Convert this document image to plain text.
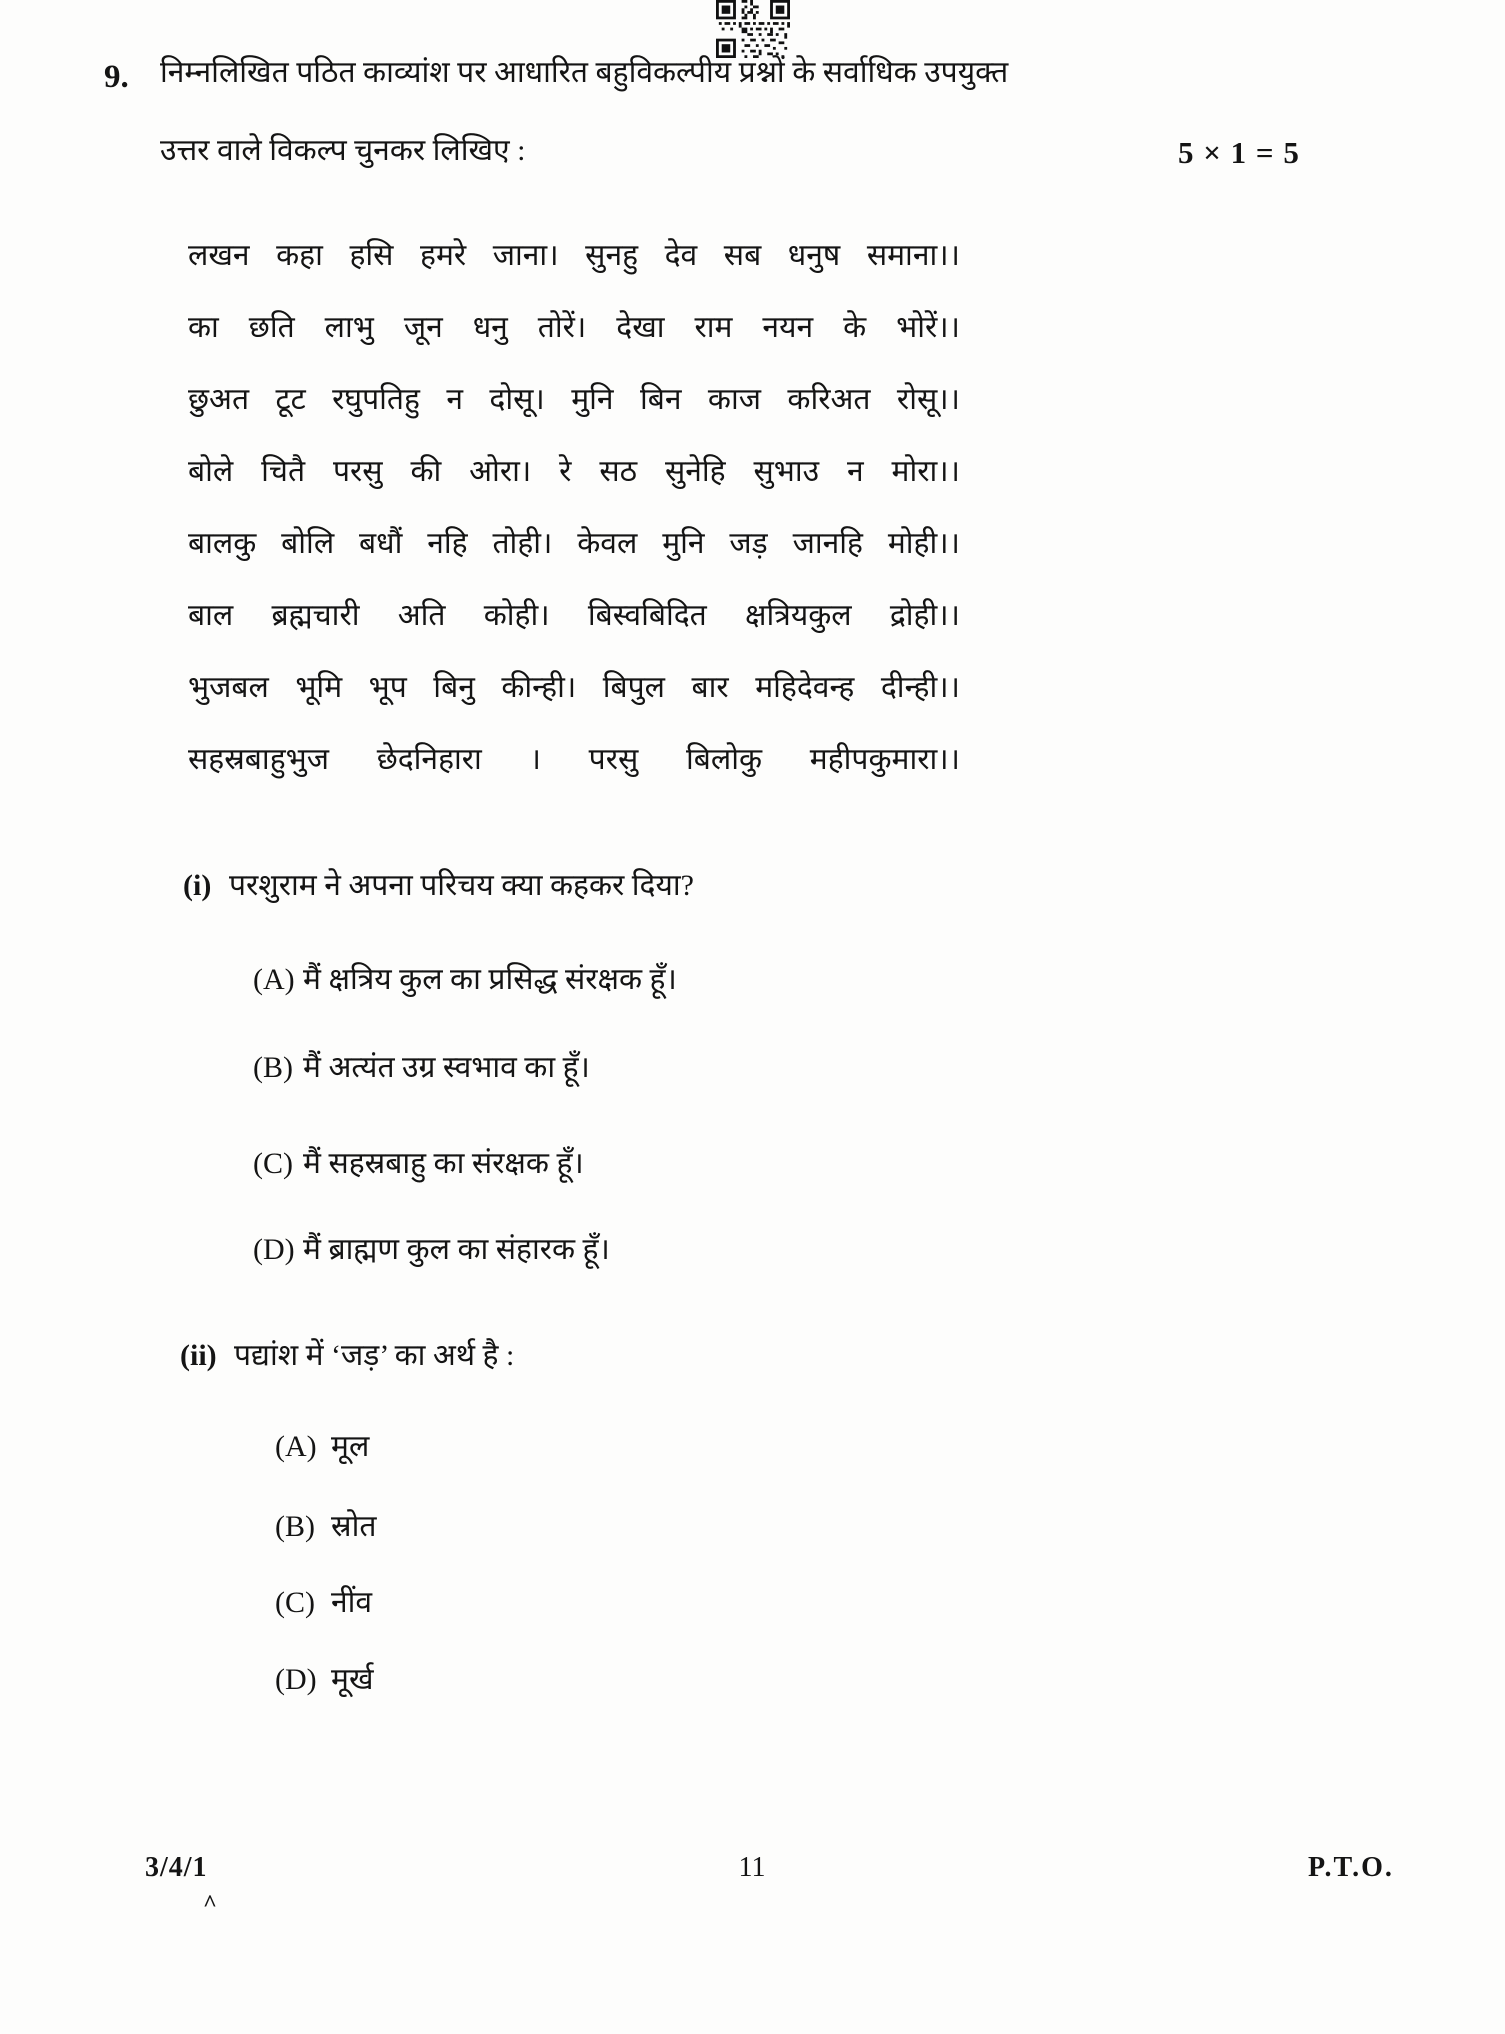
9. निम्नलिखित पठित काव्यांश पर आधारित बहुविकल्पीय प्रश्नों के सर्वाधिक उपयुक्त
उत्तर वाले विकल्प चुनकर लिखिए :	5 × 1 = 5
लखन कहा हसि हमरे जाना। सुनहु देव सब धनुष समाना।।
का छति लाभु जून धनु तोरें। देखा राम नयन के भोरें।।
छुअत टूट रघुपतिहु न दोसू। मुनि बिन काज करिअत रोसू।।
बोले चितै परसु की ओरा। रे सठ सुनेहि सुभाउ न मोरा।।
बालकु बोलि बधौं नहि तोही। केवल मुनि जड़ जानहि मोही।।
बाल ब्रह्मचारी अति कोही। बिस्वबिदित क्षत्रियकुल द्रोही।।
भुजबल भूमि भूप बिनु कीन्ही। बिपुल बार महिदेवन्ह दीन्ही।।
सहस्रबाहुभुज छेदनिहारा । परसु बिलोकु महीपकुमारा।।
(i) परशुराम ने अपना परिचय क्या कहकर दिया?
(A) मैं क्षत्रिय कुल का प्रसिद्ध संरक्षक हूँ।
(B) मैं अत्यंत उग्र स्वभाव का हूँ।
(C) मैं सहस्रबाहु का संरक्षक हूँ।
(D) मैं ब्राह्मण कुल का संहारक हूँ।
(ii) पद्यांश में ‘जड़’ का अर्थ है :
(A) मूल
(B) स्रोत
(C) नींव
(D) मूर्ख
3/4/1
^
11	P.T.O.
